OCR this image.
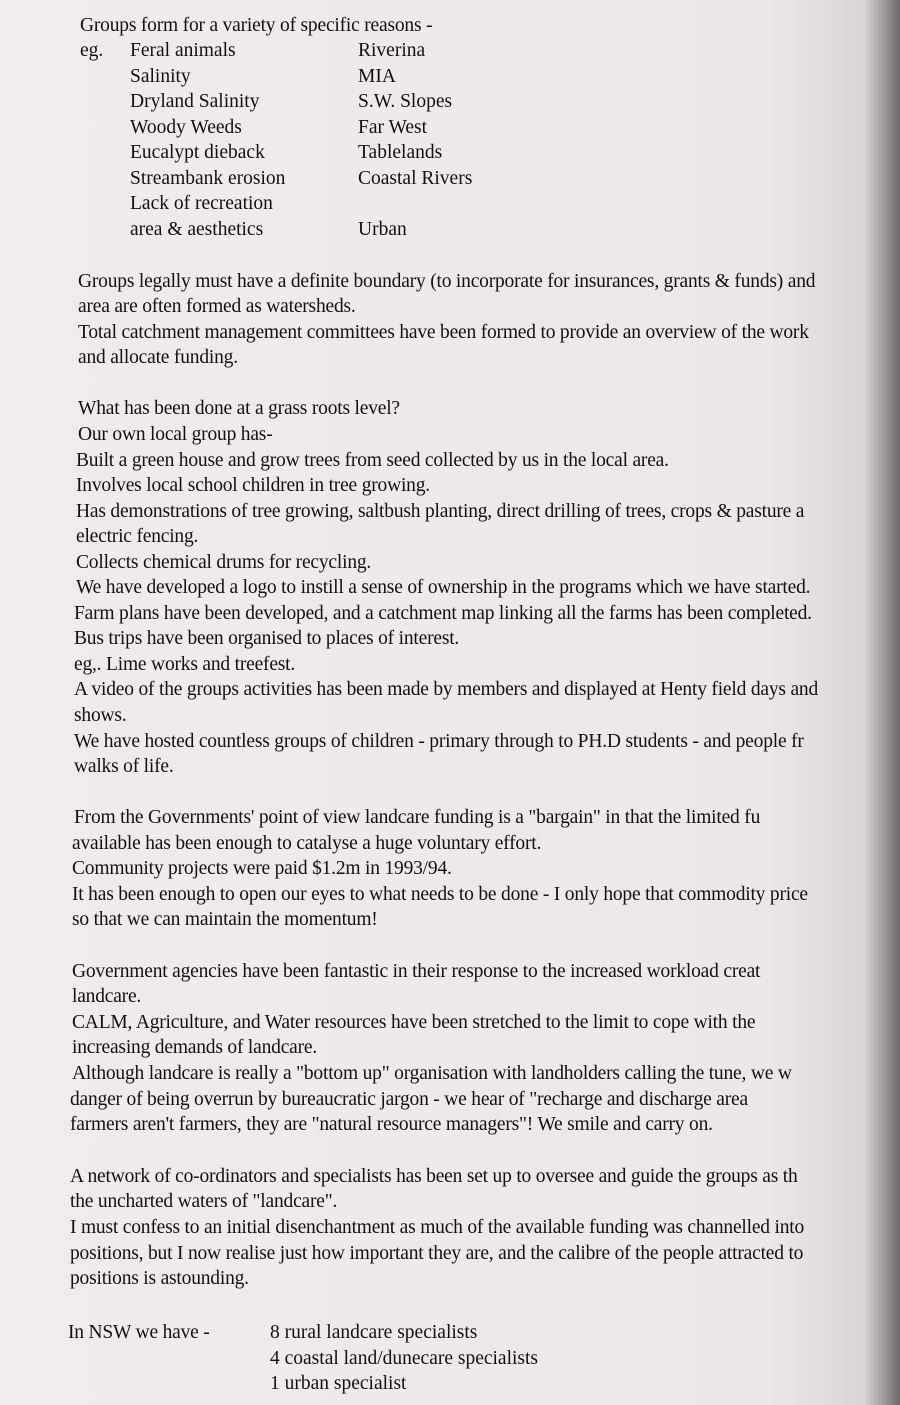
Groups form for a variety of specific reasons -
eg. Feral animals
Salinity
Dryland Salinity
Woody Weeds
Eucalypt dieback
Streambank erosion
Lack of recreation
area & aesthetics
Riverina
MIA
S.W. Slopes
Far West
Tablelands
Coastal Rivers
Urban
Groups legally must have a definite boundary (to incorporate for insurances, grants & funds) and
area are often formed as watersheds.
Total catchment management committees have been formed to provide an overview of the work
and allocate funding.
What has been done at a grass roots level?
Our own local group has-
Built a green house and grow trees from seed collected by us in the local area.
Involves local school children in tree growing.
Has demonstrations of tree growing, saltbush planting, direct drilling of trees, crops & pasture a
electric fencing.
Collects chemical drums for recycling.
We have developed a logo to instill a sense of ownership in the programs which we have started.
Farm plans have been developed, and a catchment map linking all the farms has been completed.
Bus trips have been organised to places of interest.
eg,. Lime works and treefest.
A video of the groups activities has been made by members and displayed at Henty field days and
shows.
We have hosted countless groups of children - primary through to PH.D students - and people fr
walks of life.
From the Governments' point of view landcare funding is a "bargain" in that the limited fu
available has been enough to catalyse a huge voluntary effort.
Community projects were paid $1.2m in 1993/94.
It has been enough to open our eyes to what needs to be done - I only hope that commodity price
so that we can maintain the momentum!
Government agencies have been fantastic in their response to the increased workload creat
landcare.
CALM, Agriculture, and Water resources have been stretched to the limit to cope with the
increasing demands of landcare.
Although landcare is really a "bottom up" organisation with landholders calling the tune, we w
danger of being overrun by bureaucratic jargon - we hear of "recharge and discharge area
farmers aren't farmers, they are "natural resource managers"! We smile and carry on.
A network of co-ordinators and specialists has been set up to oversee and guide the groups as th
the uncharted waters of "landcare".
I must confess to an initial disenchantment as much of the available funding was channelled into
positions, but I now realise just how important they are, and the calibre of the people attracted to
positions is astounding.
In NSW we have -	8 rural landcare specialists
4 coastal land/dunecare specialists
1 urban specialist
